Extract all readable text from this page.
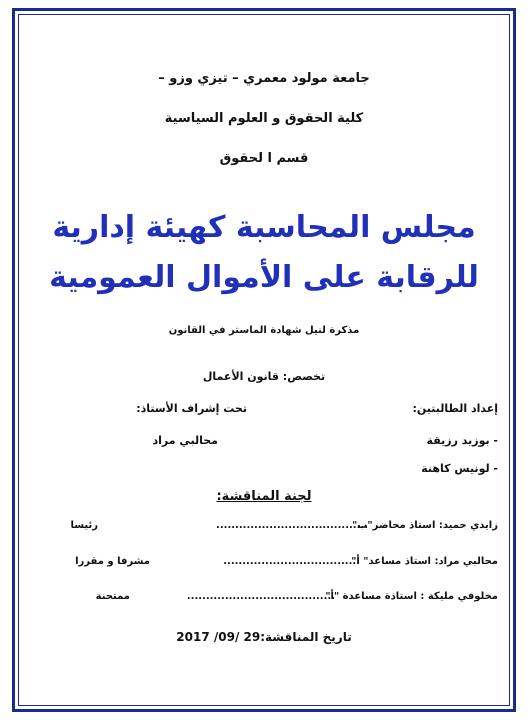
جامعة مولود معمري – تيزي وزو –
كلية الحقوق و العلوم السياسية
قسم ا لحقوق
مجلس المحاسبة كهيئة إدارية
للرقابة على الأموال العمومية
مذكرة لنيل شهادة الماستر في القانون
تخصص: قانون الأعمال
إعداد الطالبتين:
تحت إشراف الأستاذ:
- بوزيد رزيقة
محالبي مراد
- لونيس كاهنة
لجنة المناقشة:
زايدي حميد: استاذ محاضر"ب"
........................................
رئيسا
محالبي مراد: استاذ مساعد" أ"
....................................
مشرفا و مقررا
مخلوفي مليكة : استاذة مساعدة "أ"
.......................................
ممتحنة
تاريخ المناقشة:29 /09/ 2017
